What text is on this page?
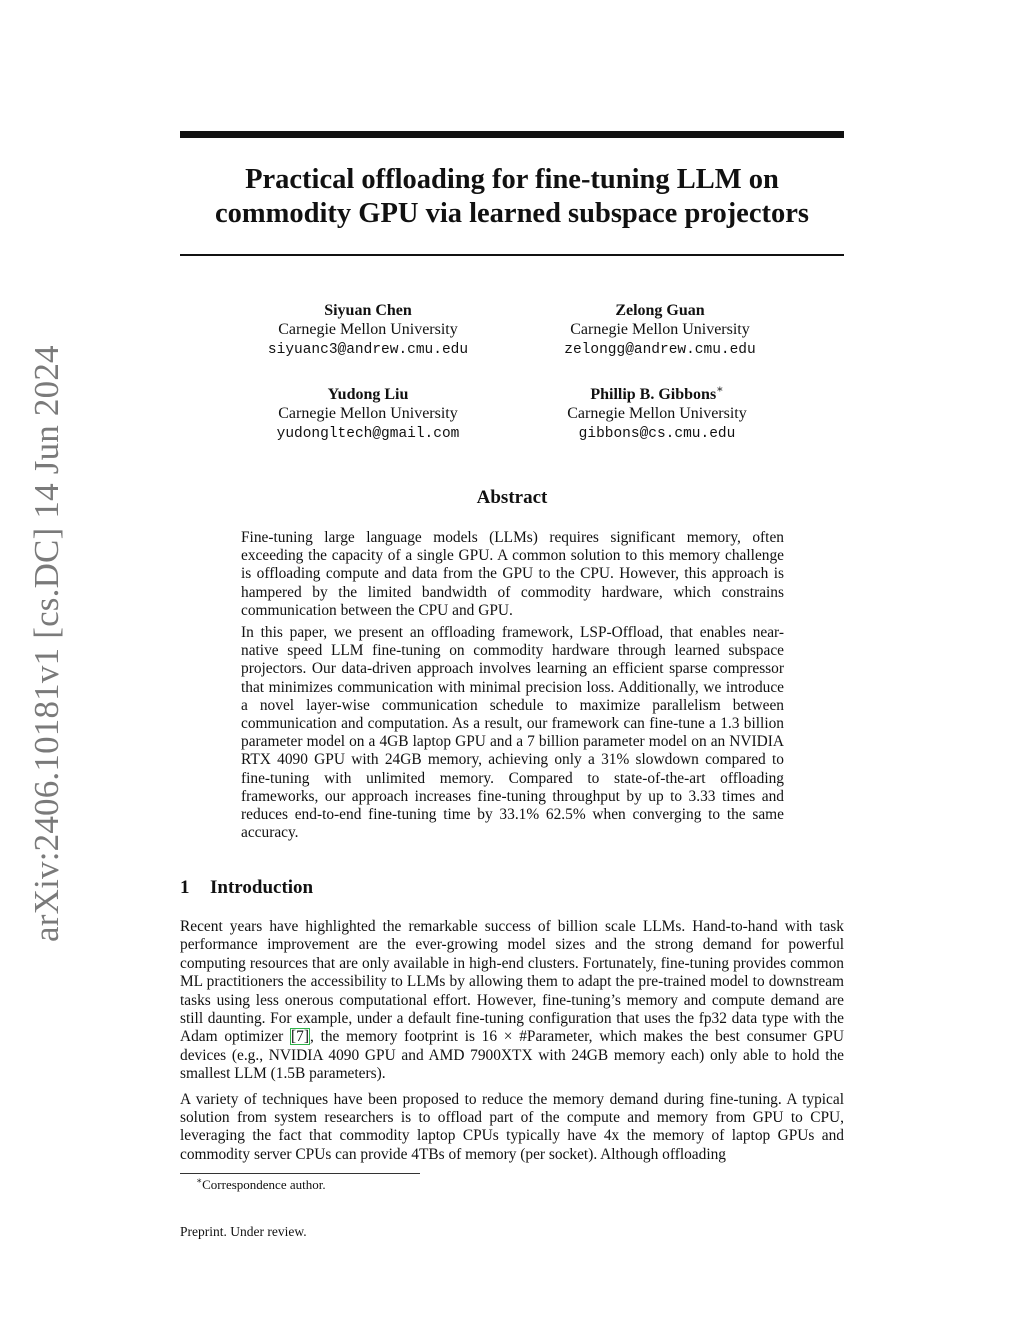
arXiv:2406.10181v1 [cs.DC] 14 Jun 2024
Practical offloading for fine-tuning LLM on commodity GPU via learned subspace projectors
Siyuan Chen
Carnegie Mellon University
siyuanc3@andrew.cmu.edu
Zelong Guan
Carnegie Mellon University
zelongg@andrew.cmu.edu
Yudong Liu
Carnegie Mellon University
yudongltech@gmail.com
Phillip B. Gibbons∗
Carnegie Mellon University
gibbons@cs.cmu.edu
Abstract

Fine-tuning large language models (LLMs) requires significant memory, often exceeding the capacity of a single GPU. A common solution to this memory challenge is offloading compute and data from the GPU to the CPU. However, this approach is hampered by the limited bandwidth of commodity hardware, which constrains communication between the CPU and GPU.

In this paper, we present an offloading framework, LSP-Offload, that enables near-native speed LLM fine-tuning on commodity hardware through learned subspace projectors. Our data-driven approach involves learning an efficient sparse compressor that minimizes communication with minimal precision loss. Additionally, we introduce a novel layer-wise communication schedule to maximize parallelism between communication and computation. As a result, our framework can fine-tune a 1.3 billion parameter model on a 4GB laptop GPU and a 7 billion parameter model on an NVIDIA RTX 4090 GPU with 24GB memory, achieving only a 31% slowdown compared to fine-tuning with unlimited memory. Compared to state-of-the-art offloading frameworks, our approach increases fine-tuning throughput by up to 3.33 times and reduces end-to-end fine-tuning time by 33.1% 62.5% when converging to the same accuracy.

1 Introduction

Recent years have highlighted the remarkable success of billion scale LLMs. Hand-to-hand with task performance improvement are the ever-growing model sizes and the strong demand for powerful computing resources that are only available in high-end clusters. Fortunately, fine-tuning provides common ML practitioners the accessibility to LLMs by allowing them to adapt the pre-trained model to downstream tasks using less onerous computational effort. However, fine-tuning’s memory and compute demand are still daunting. For example, under a default fine-tuning configuration that uses the fp32 data type with the Adam optimizer [7], the memory footprint is 16 × #Parameter, which makes the best consumer GPU devices (e.g., NVIDIA 4090 GPU and AMD 7900XTX with 24GB memory each) only able to hold the smallest LLM (1.5B parameters).

A variety of techniques have been proposed to reduce the memory demand during fine-tuning. A typical solution from system researchers is to offload part of the compute and memory from GPU to CPU, leveraging the fact that commodity laptop CPUs typically have 4x the memory of laptop GPUs and commodity server CPUs can provide 4TBs of memory (per socket). Although offloading

∗Correspondence author.
Preprint. Under review.
